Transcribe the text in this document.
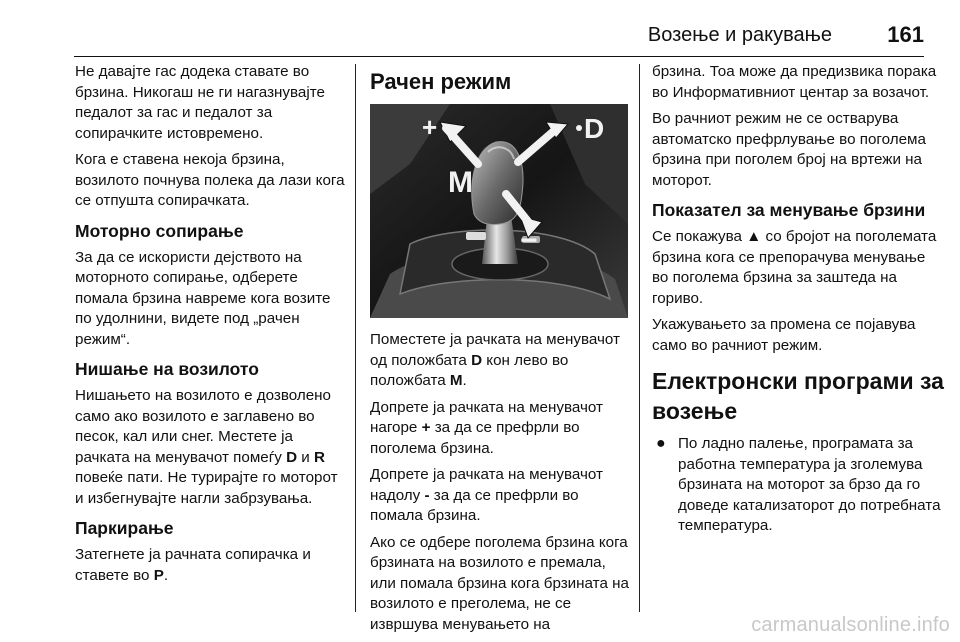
Возење и ракување	161

Не давајте гас додека ставате во брзина. Никогаш не ги нагазнувајте педалот за гас и педалот за сопирачките истовремено.

Кога е ставена некоја брзина, возилото почнува полека да лази кога се отпушта сопирачката.

Моторно сопирање

За да се искористи дејството на моторното сопирање, одберете помала брзина навреме кога возите по удолнини, видете под „рачен режим“.

Нишање на возилото

Нишањето на возилото е дозволено само ако возилото е заглавено во песок, кал или снег. Местете ја рачката на менувачот помеѓу D и R повеќе пати. Не турирајте го моторот и избегнувајте нагли забрзувања.

Паркирање

Затегнете ја рачната сопирачка и ставете во P.

Рачен режим
+	D
M
−

Поместете ја рачката на менувачот од положбата D кон лево во положбата M.

Допрете ја рачката на менувачот нагоре + за да се префрли во поголема брзина.

Допрете ја рачката на менувачот надолу - за да се префрли во помала брзина.

Ако се одбере поголема брзина кога брзината на возилото е премала, или помала брзина кога брзината на возилото е преголема, не се извршува менувањето на

брзина. Тоа може да предизвика порака во Информативниот центар за возачот.

Во рачниот режим не се остварува автоматско префрлување во поголема брзина при поголем број на вртежи на моторот.

Показател за менување брзини

Се покажува ▲ со бројот на поголемата брзина кога се препорачува менување во поголема брзина за заштеда на гориво.

Укажувањето за промена се појавува само во рачниот режим.

Електронски програми за возење
● По ладно палење, програмата за работна температура ја зголемува брзината на моторот за брзо да го доведе катализаторот до потребната температура.
carmanualsonline.info
